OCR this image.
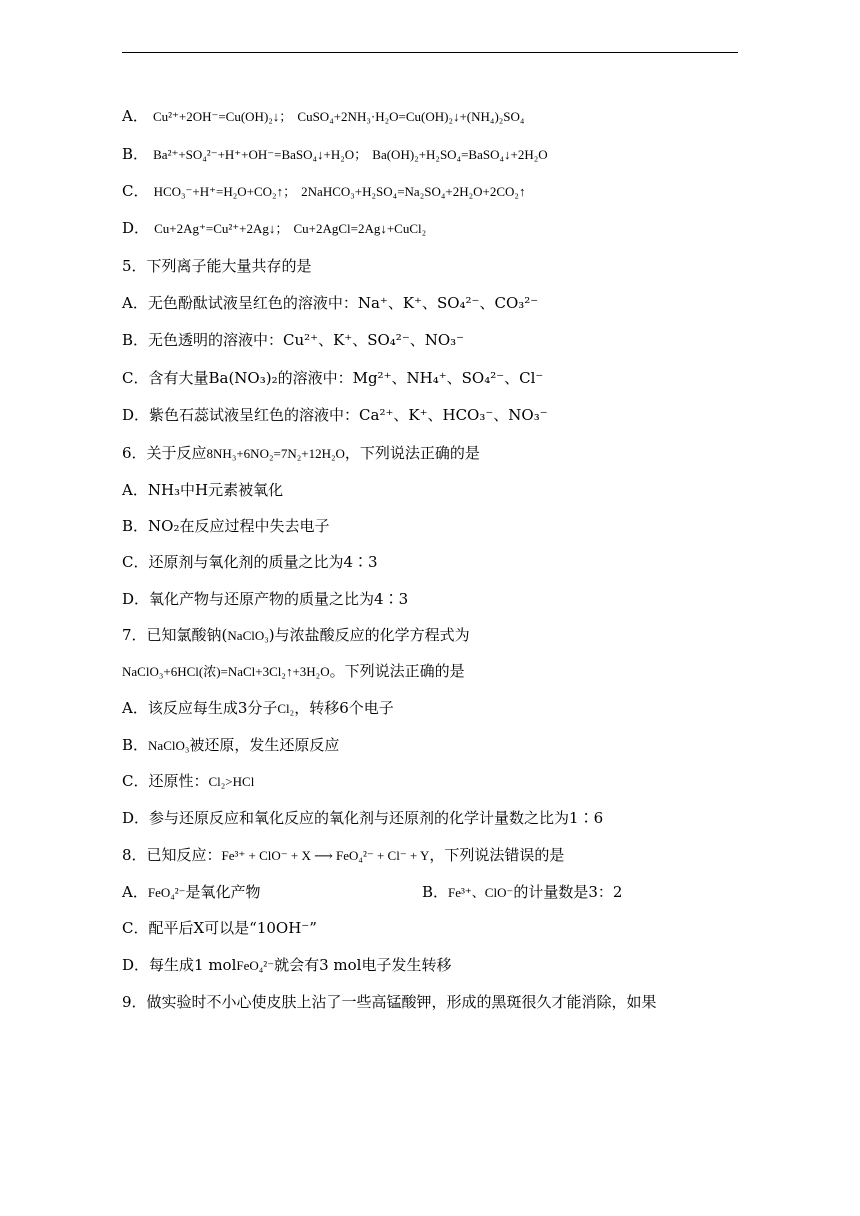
A． Cu²⁺+2OH⁻=Cu(OH)₂↓； CuSO₄+2NH₃·H₂O=Cu(OH)₂↓+(NH₄)₂SO₄
B． Ba²⁺+SO₄²⁻+H⁺+OH⁻=BaSO₄↓+H₂O； Ba(OH)₂+H₂SO₄=BaSO₄↓+2H₂O
C． HCO₃⁻+H⁺=H₂O+CO₂↑； 2NaHCO₃+H₂SO₄=Na₂SO₄+2H₂O+2CO₂↑
D． Cu+2Ag⁺=Cu²⁺+2Ag↓； Cu+2AgCl=2Ag↓+CuCl₂
5．下列离子能大量共存的是
A．无色酚酞试液呈红色的溶液中：Na⁺、K⁺、SO₄²⁻、CO₃²⁻
B．无色透明的溶液中：Cu²⁺、K⁺、SO₄²⁻、NO₃⁻
C．含有大量Ba(NO₃)₂的溶液中：Mg²⁺、NH₄⁺、SO₄²⁻、Cl⁻
D．紫色石蕊试液呈红色的溶液中：Ca²⁺、K⁺、HCO₃⁻、NO₃⁻
6．关于反应8NH₃+6NO₂=7N₂+12H₂O，下列说法正确的是
A．NH₃中H元素被氧化
B．NO₂在反应过程中失去电子
C．还原剂与氧化剂的质量之比为4∶3
D．氧化产物与还原产物的质量之比为4∶3
7．已知氯酸钠(NaClO₃)与浓盐酸反应的化学方程式为
NaClO₃+6HCl(浓)=NaCl+3Cl₂↑+3H₂O。下列说法正确的是
A．该反应每生成3分子Cl₂，转移6个电子
B．NaClO₃被还原，发生还原反应
C．还原性：Cl₂>HCl
D．参与还原反应和氧化反应的氧化剂与还原剂的化学计量数之比为1∶6
8．已知反应：Fe³⁺ + ClO⁻ + X ⟶ FeO₄²⁻ + Cl⁻ + Y，下列说法错误的是
A．FeO₄²⁻是氧化产物	B．Fe³⁺、ClO⁻的计量数是3：2
C．配平后X可以是“10OH⁻”
D．每生成1 molFeO₄²⁻就会有3 mol电子发生转移
9．做实验时不小心使皮肤上沾了一些高锰酸钾，形成的黑斑很久才能消除，如果
